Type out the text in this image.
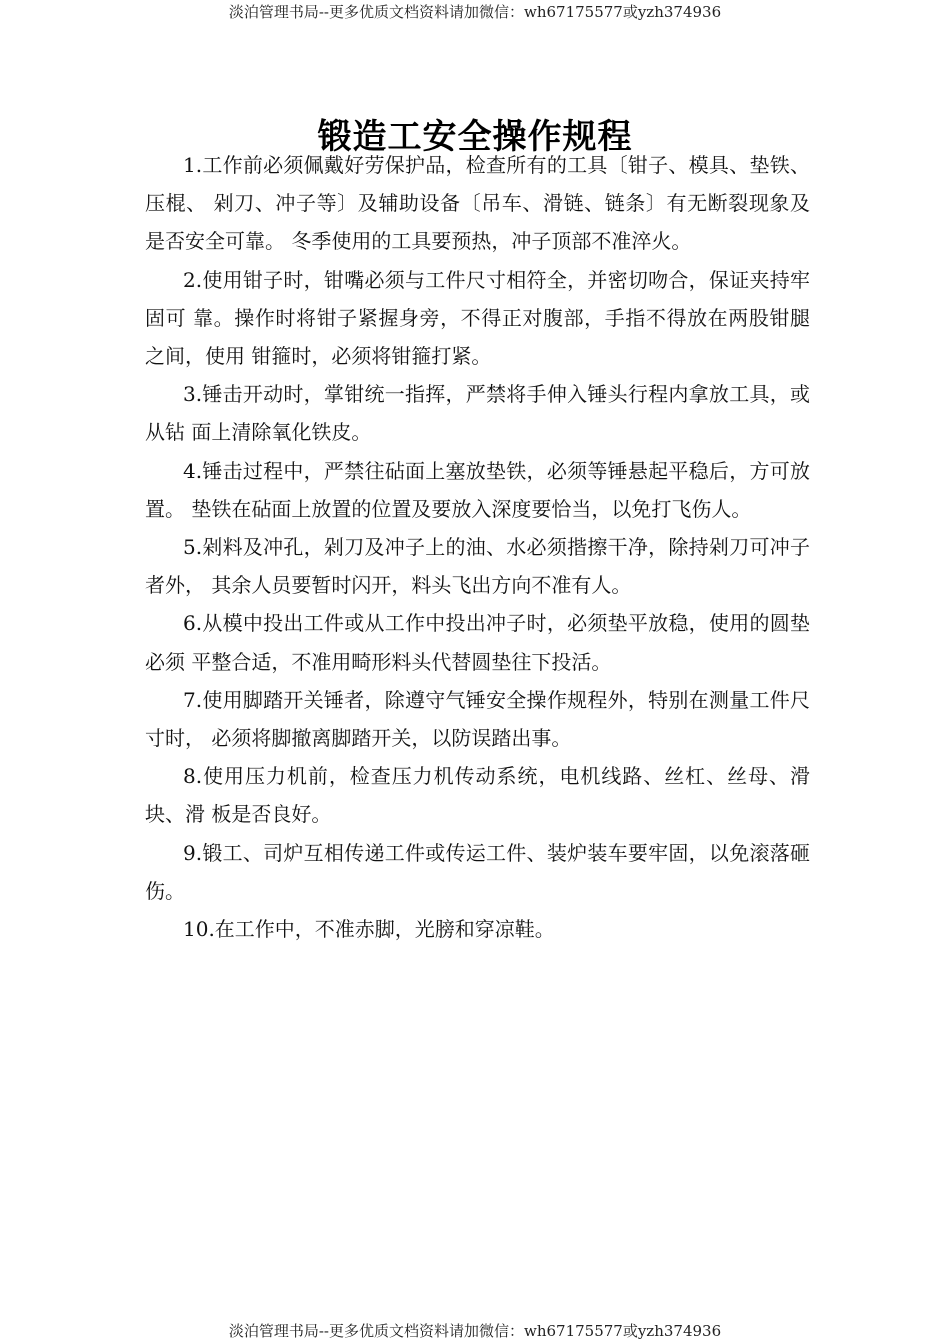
淡泊管理书局--更多优质文档资料请加微信：wh67175577或yzh374936
锻造工安全操作规程

1.工作前必须佩戴好劳保护品，检查所有的工具〔钳子、模具、垫铁、压棍、 剁刀、冲子等〕及辅助设备〔吊车、滑链、链条〕有无断裂现象及是否安全可靠。 冬季使用的工具要预热，冲子顶部不准淬火。

2.使用钳子时，钳嘴必须与工件尺寸相符全，并密切吻合，保证夹持牢固可 靠。操作时将钳子紧握身旁，不得正对腹部，手指不得放在两股钳腿之间，使用 钳箍时，必须将钳箍打紧。

3.锤击开动时，掌钳统一指挥，严禁将手伸入锤头行程内拿放工具，或从钻 面上清除氧化铁皮。

4.锤击过程中，严禁往砧面上塞放垫铁，必须等锤悬起平稳后，方可放置。 垫铁在砧面上放置的位置及要放入深度要恰当，以免打飞伤人。

5.剁料及冲孔，剁刀及冲子上的油、水必须揩擦干净，除持剁刀可冲子者外， 其余人员要暂时闪开，料头飞出方向不准有人。

6.从模中投出工件或从工作中投出冲子时，必须垫平放稳，使用的圆垫必须 平整合适，不准用畸形料头代替圆垫往下投活。

7.使用脚踏开关锤者，除遵守气锤安全操作规程外，特别在测量工件尺寸时， 必须将脚撤离脚踏开关，以防误踏出事。

8.使用压力机前，检查压力机传动系统，电机线路、丝杠、丝母、滑块、滑 板是否良好。

9.锻工、司炉互相传递工件或传运工件、装炉装车要牢固，以免滚落砸伤。

10.在工作中，不准赤脚，光膀和穿凉鞋。

淡泊管理书局--更多优质文档资料请加微信：wh67175577或yzh374936
